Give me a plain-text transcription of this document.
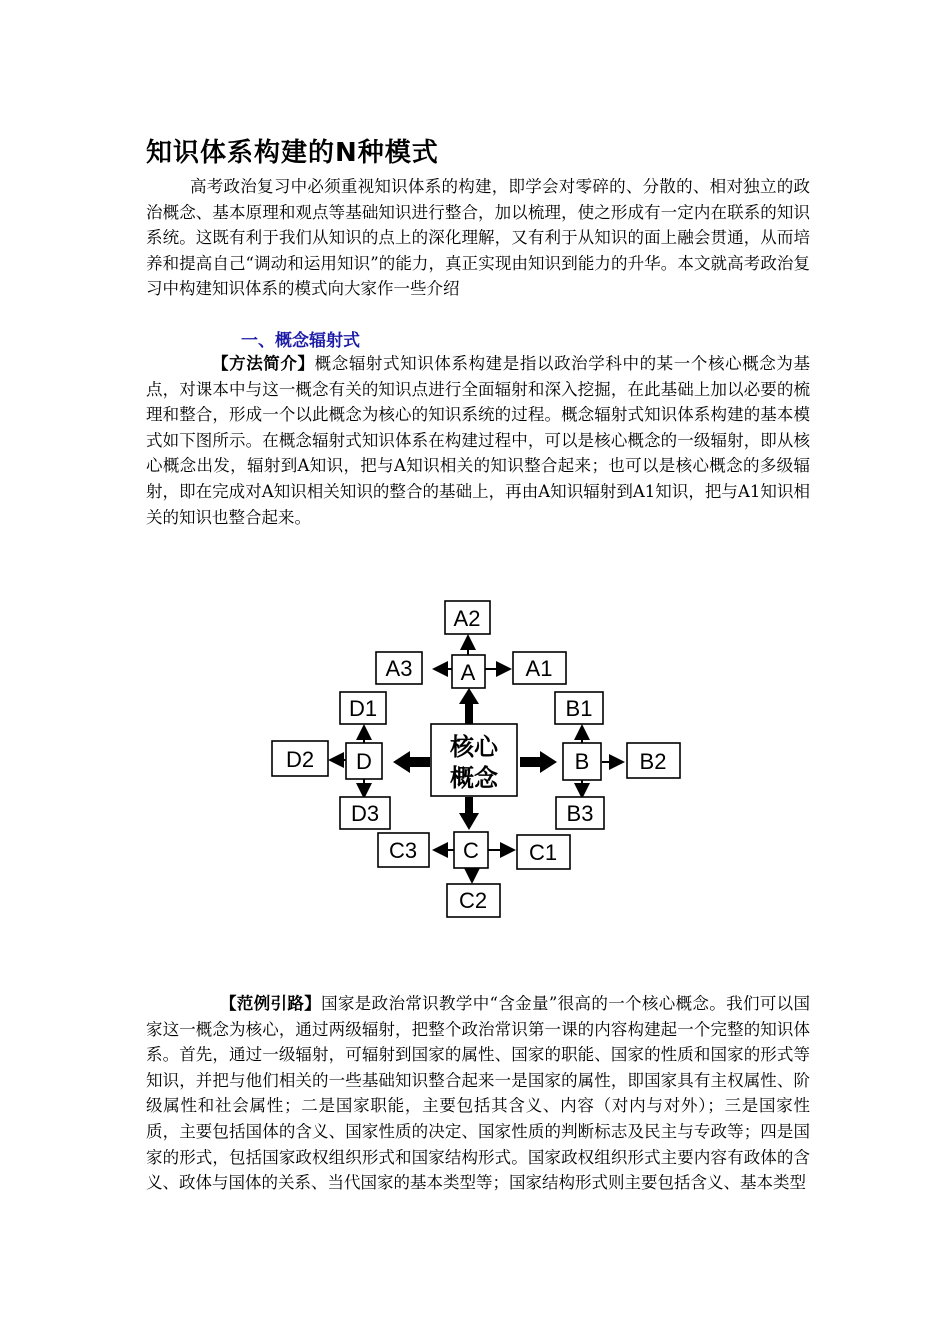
知识体系构建的N种模式

高考政治复习中必须重视知识体系的构建，即学会对零碎的、分散的、相对独立的政治概念、基本原理和观点等基础知识进行整合，加以梳理，使之形成有一定内在联系的知识系统。这既有利于我们从知识的点上的深化理解，又有利于从知识的面上融会贯通，从而培养和提高自己“调动和运用知识”的能力，真正实现由知识到能力的升华。本文就高考政治复习中构建知识体系的模式向大家作一些介绍

一、概念辐射式

【方法简介】概念辐射式知识体系构建是指以政治学科中的某一个核心概念为基点，对课本中与这一概念有关的知识点进行全面辐射和深入挖掘，在此基础上加以必要的梳理和整合，形成一个以此概念为核心的知识系统的过程。概念辐射式知识体系构建的基本模式如下图所示。在概念辐射式知识体系在构建过程中，可以是核心概念的一级辐射，即从核心概念出发，辐射到A知识，把与A知识相关的知识整合起来；也可以是核心概念的多级辐射，即在完成对A知识相关知识的整合的基础上，再由A知识辐射到A1知识，把与A1知识相关的知识也整合起来。

核心
概念
A
A2
A3	A1
B
B1
B2
B3
C C1
C3
C2
D
D1
D2
D3

【范例引路】国家是政治常识教学中“含金量”很高的一个核心概念。我们可以国家这一概念为核心，通过两级辐射，把整个政治常识第一课的内容构建起一个完整的知识体系。首先，通过一级辐射，可辐射到国家的属性、国家的职能、国家的性质和国家的形式等知识，并把与他们相关的一些基础知识整合起来一是国家的属性，即国家具有主权属性、阶级属性和社会属性；二是国家职能，主要包括其含义、内容（对内与对外）；三是国家性质，主要包括国体的含义、国家性质的决定、国家性质的判断标志及民主与专政等；四是国家的形式，包括国家政权组织形式和国家结构形式。国家政权组织形式主要内容有政体的含义、政体与国体的关系、当代国家的基本类型等；国家结构形式则主要包括含义、基本类型
